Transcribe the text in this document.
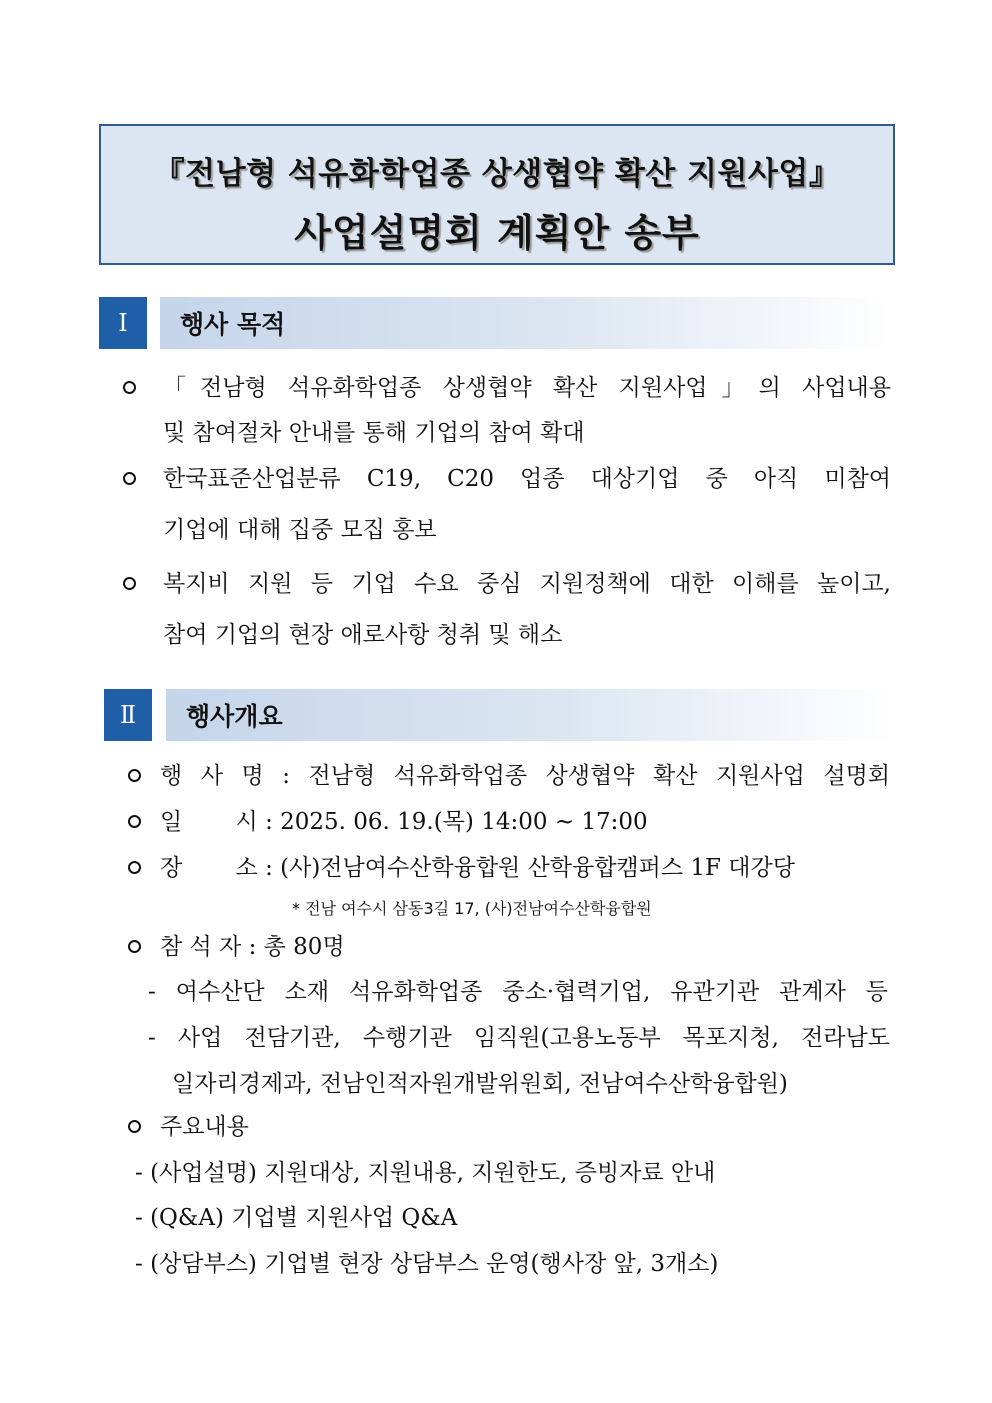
『전남형 석유화학업종 상생협약 확산 지원사업』
사업설명회 계획안 송부
Ⅰ	행사 목적
「전남형 석유화학업종 상생협약 확산 지원사업」의 사업내용
및 참여절차 안내를 통해 기업의 참여 확대
한국표준산업분류 C19, C20 업종 대상기업 중 아직 미참여
기업에 대해 집중 모집 홍보
복지비 지원 등 기업 수요 중심 지원정책에 대한 이해를 높이고,
참여 기업의 현장 애로사항 청취 및 해소
Ⅱ	행사개요
행 사 명 : 전남형 석유화학업종 상생협약 확산 지원사업 설명회
일　　 시 : 2025. 06. 19.(목) 14:00 ~ 17:00
장　　 소 : (사)전남여수산학융합원 산학융합캠퍼스 1F 대강당
* 전남 여수시 삼동3길 17, (사)전남여수산학융합원
참 석 자 : 총 80명
- 여수산단 소재 석유화학업종 중소·협력기업, 유관기관 관계자 등
- 사업 전담기관, 수행기관 임직원(고용노동부 목포지청, 전라남도
일자리경제과, 전남인적자원개발위원회, 전남여수산학융합원)
주요내용
- (사업설명) 지원대상, 지원내용, 지원한도, 증빙자료 안내
- (Q&A) 기업별 지원사업 Q&A
- (상담부스) 기업별 현장 상담부스 운영(행사장 앞, 3개소)
